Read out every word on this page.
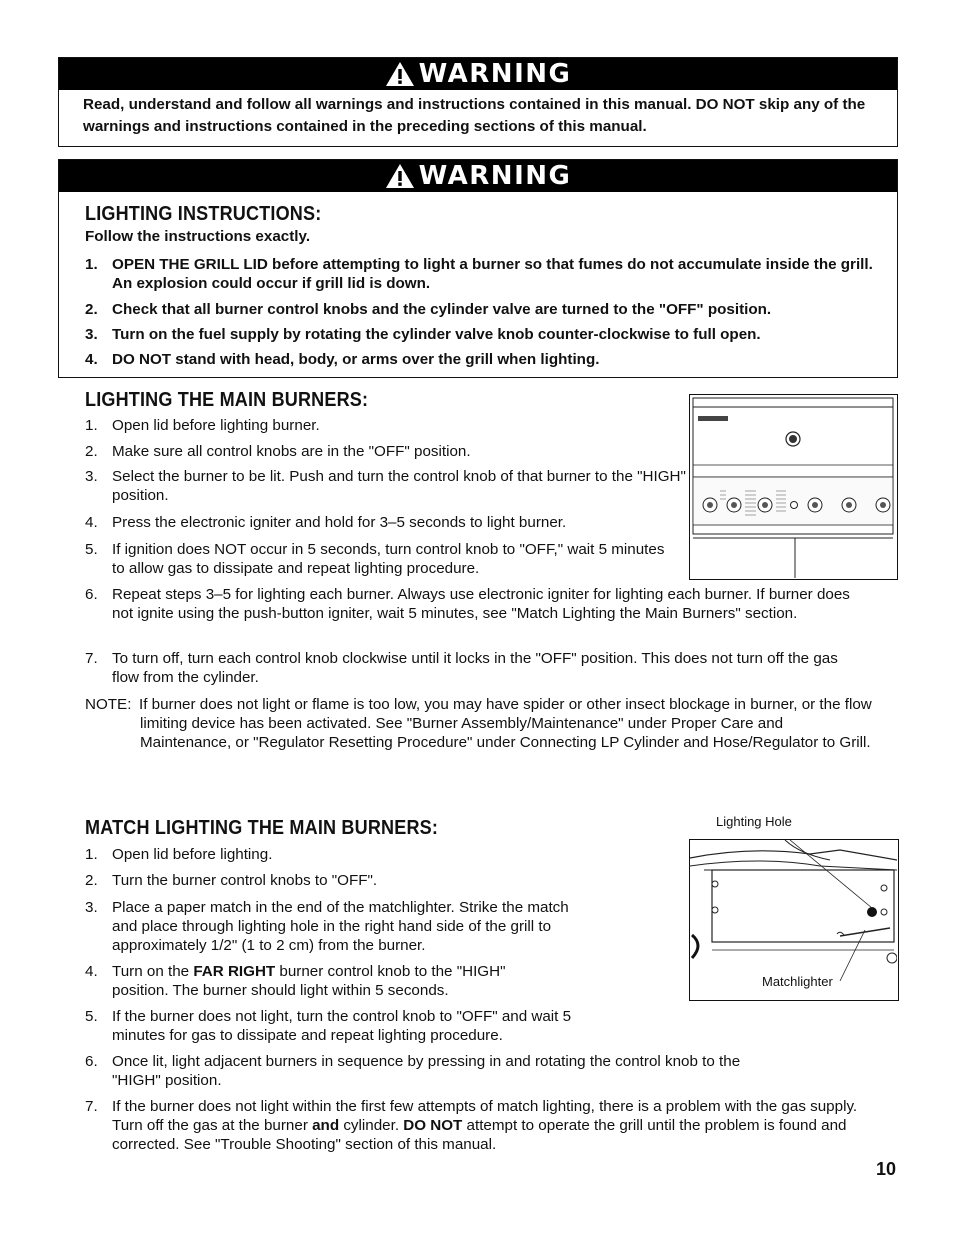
WARNING
Read, understand and follow all warnings and instructions contained in this manual. DO NOT skip any of the warnings and instructions contained in the preceding sections of this manual.
WARNING
LIGHTING INSTRUCTIONS:
Follow the instructions exactly.
1. OPEN THE GRILL LID before attempting to light a burner so that fumes do not accumulate inside the grill. An explosion could occur if grill lid is down.
2. Check that all burner control knobs and the cylinder valve are turned to the "OFF" position.
3. Turn on the fuel supply by rotating the cylinder valve knob counter-clockwise to full open.
4. DO NOT stand with head, body, or arms over the grill when lighting.
LIGHTING THE MAIN BURNERS:
1. Open lid before lighting burner.
2. Make sure all control knobs are in the "OFF" position.
3. Select the burner to be lit. Push and turn the control knob of that burner to the "HIGH" position.
4. Press the electronic igniter and hold for 3–5 seconds to light burner.
5. If ignition does NOT occur in 5 seconds, turn control knob to "OFF," wait 5 minutes to allow gas to dissipate and repeat lighting procedure.
6. Repeat steps 3–5 for lighting each burner. Always use electronic igniter for lighting each burner. If burner does not ignite using the push-button igniter, wait 5 minutes, see "Match Lighting the Main Burners" section.
7. To turn off, turn each control knob clockwise until it locks in the "OFF" position. This does not turn off the gas flow from the cylinder.
NOTE: If burner does not light or flame is too low, you may have spider or other insect blockage in burner, or the flow limiting device has been activated. See "Burner Assembly/Maintenance" under Proper Care and Maintenance, or "Regulator Resetting Procedure" under Connecting LP Cylinder and Hose/Regulator to Grill.
MATCH LIGHTING THE MAIN BURNERS:
1. Open lid before lighting.
2. Turn the burner control knobs to "OFF".
3. Place a paper match in the end of the matchlighter. Strike the match and place through lighting hole in the right hand side of the grill to approximately 1/2" (1 to 2 cm) from the burner.
4. Turn on the FAR RIGHT burner control knob to the "HIGH" position. The burner should light within 5 seconds.
5. If the burner does not light, turn the control knob to "OFF" and wait 5 minutes for gas to dissipate and repeat lighting procedure.
6. Once lit, light adjacent burners in sequence by pressing in and rotating the control knob to the "HIGH" position.
7. If the burner does not light within the first few attempts of match lighting, there is a problem with the gas supply. Turn off the gas at the burner and cylinder. DO NOT attempt to operate the grill until the problem is found and corrected. See "Trouble Shooting" section of this manual.
Lighting Hole
Matchlighter
10
